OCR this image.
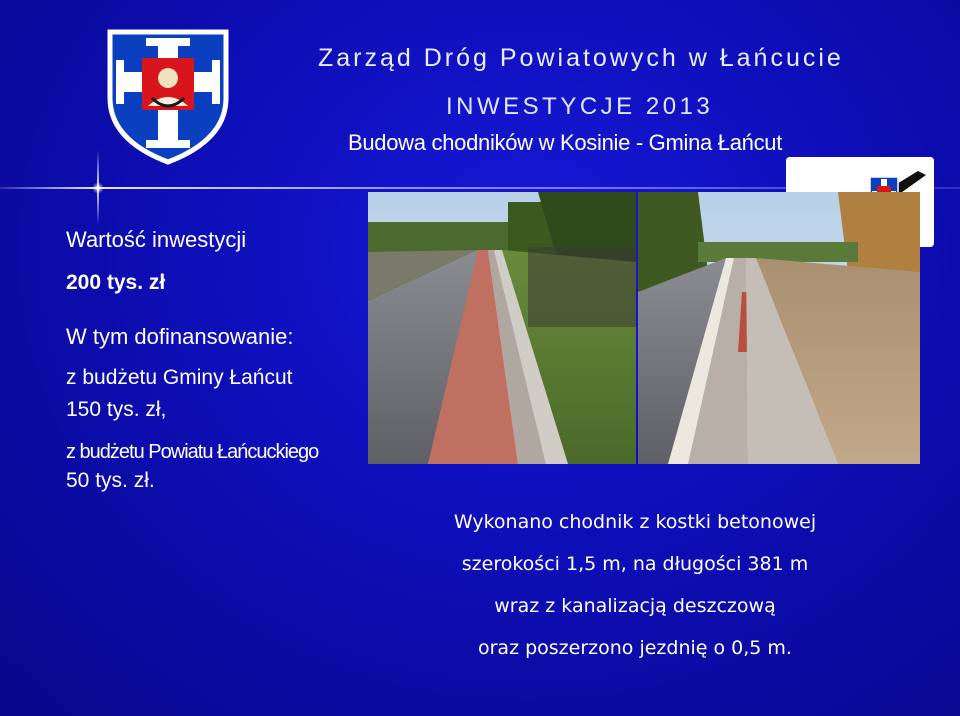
Zarząd Dróg Powiatowych w Łańcucie
INWESTYCJE 2013
Budowa chodników w Kosinie - Gmina Łańcut
Wartość inwestycji
200 tys. zł
W tym dofinansowanie:
z budżetu Gminy Łańcut
150 tys. zł,
z budżetu Powiatu Łańcuckiego
50 tys. zł.
Wykonano chodnik z kostki betonowej
szerokości 1,5 m, na długości 381 m
wraz z kanalizacją deszczową
oraz poszerzono jezdnię o 0,5 m.
